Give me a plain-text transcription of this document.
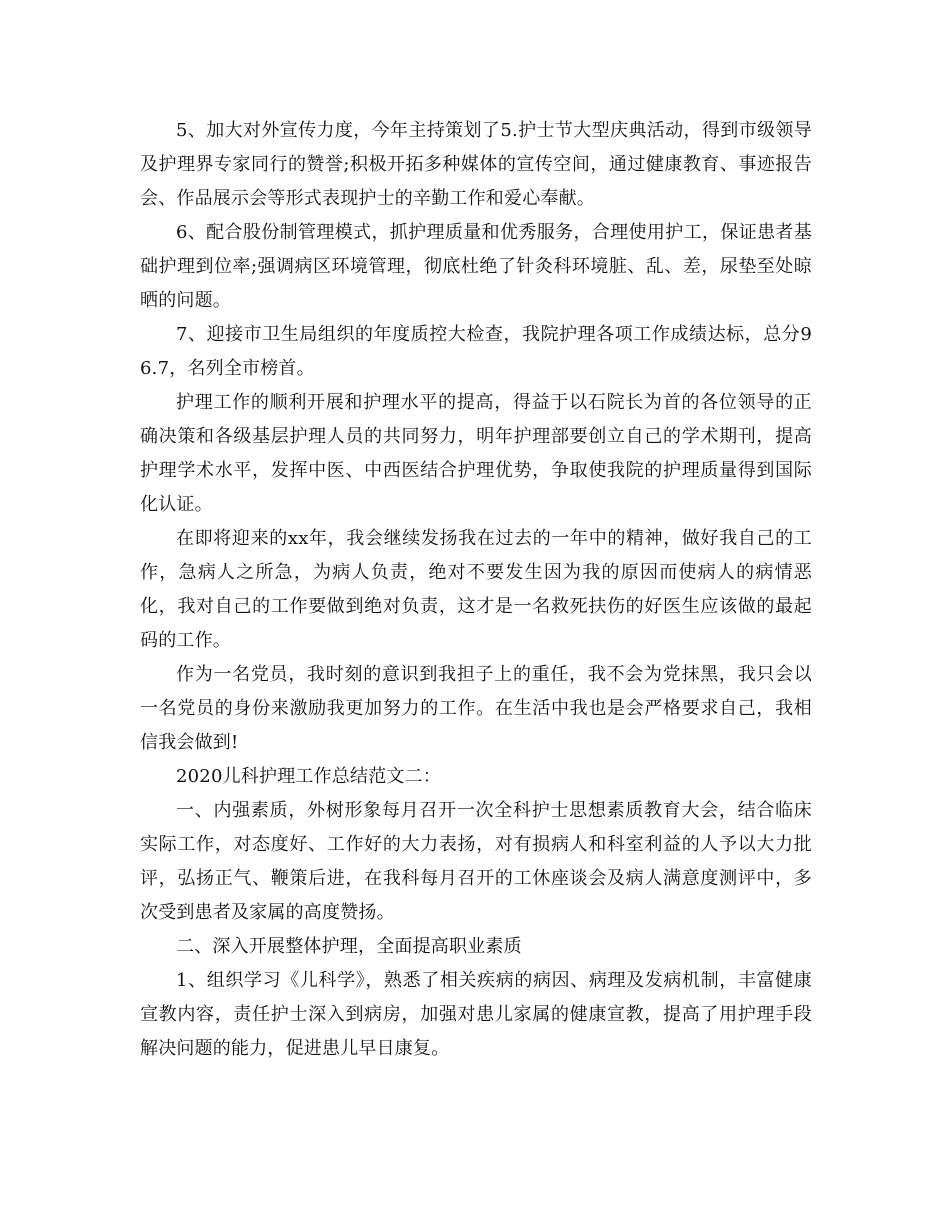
5、加大对外宣传力度，今年主持策划了5.护士节大型庆典活动，得到市级领导及护理界专家同行的赞誉;积极开拓多种媒体的宣传空间，通过健康教育、事迹报告会、作品展示会等形式表现护士的辛勤工作和爱心奉献。

6、配合股份制管理模式，抓护理质量和优秀服务，合理使用护工，保证患者基础护理到位率;强调病区环境管理，彻底杜绝了针灸科环境脏、乱、差，尿垫至处晾晒的问题。

7、迎接市卫生局组织的年度质控大检查，我院护理各项工作成绩达标，总分96.7，名列全市榜首。

护理工作的顺利开展和护理水平的提高，得益于以石院长为首的各位领导的正确决策和各级基层护理人员的共同努力，明年护理部要创立自己的学术期刊，提高护理学术水平，发挥中医、中西医结合护理优势，争取使我院的护理质量得到国际化认证。

在即将迎来的xx年，我会继续发扬我在过去的一年中的精神，做好我自己的工作，急病人之所急，为病人负责，绝对不要发生因为我的原因而使病人的病情恶化，我对自己的工作要做到绝对负责，这才是一名救死扶伤的好医生应该做的最起码的工作。

作为一名党员，我时刻的意识到我担子上的重任，我不会为党抹黑，我只会以一名党员的身份来激励我更加努力的工作。在生活中我也是会严格要求自己，我相信我会做到!

2020儿科护理工作总结范文二：

一、内强素质，外树形象每月召开一次全科护士思想素质教育大会，结合临床实际工作，对态度好、工作好的大力表扬，对有损病人和科室利益的人予以大力批评，弘扬正气、鞭策后进，在我科每月召开的工休座谈会及病人满意度测评中，多次受到患者及家属的高度赞扬。

二、深入开展整体护理，全面提高职业素质

1、组织学习《儿科学》，熟悉了相关疾病的病因、病理及发病机制，丰富健康宣教内容，责任护士深入到病房，加强对患儿家属的健康宣教，提高了用护理手段解决问题的能力，促进患儿早日康复。
